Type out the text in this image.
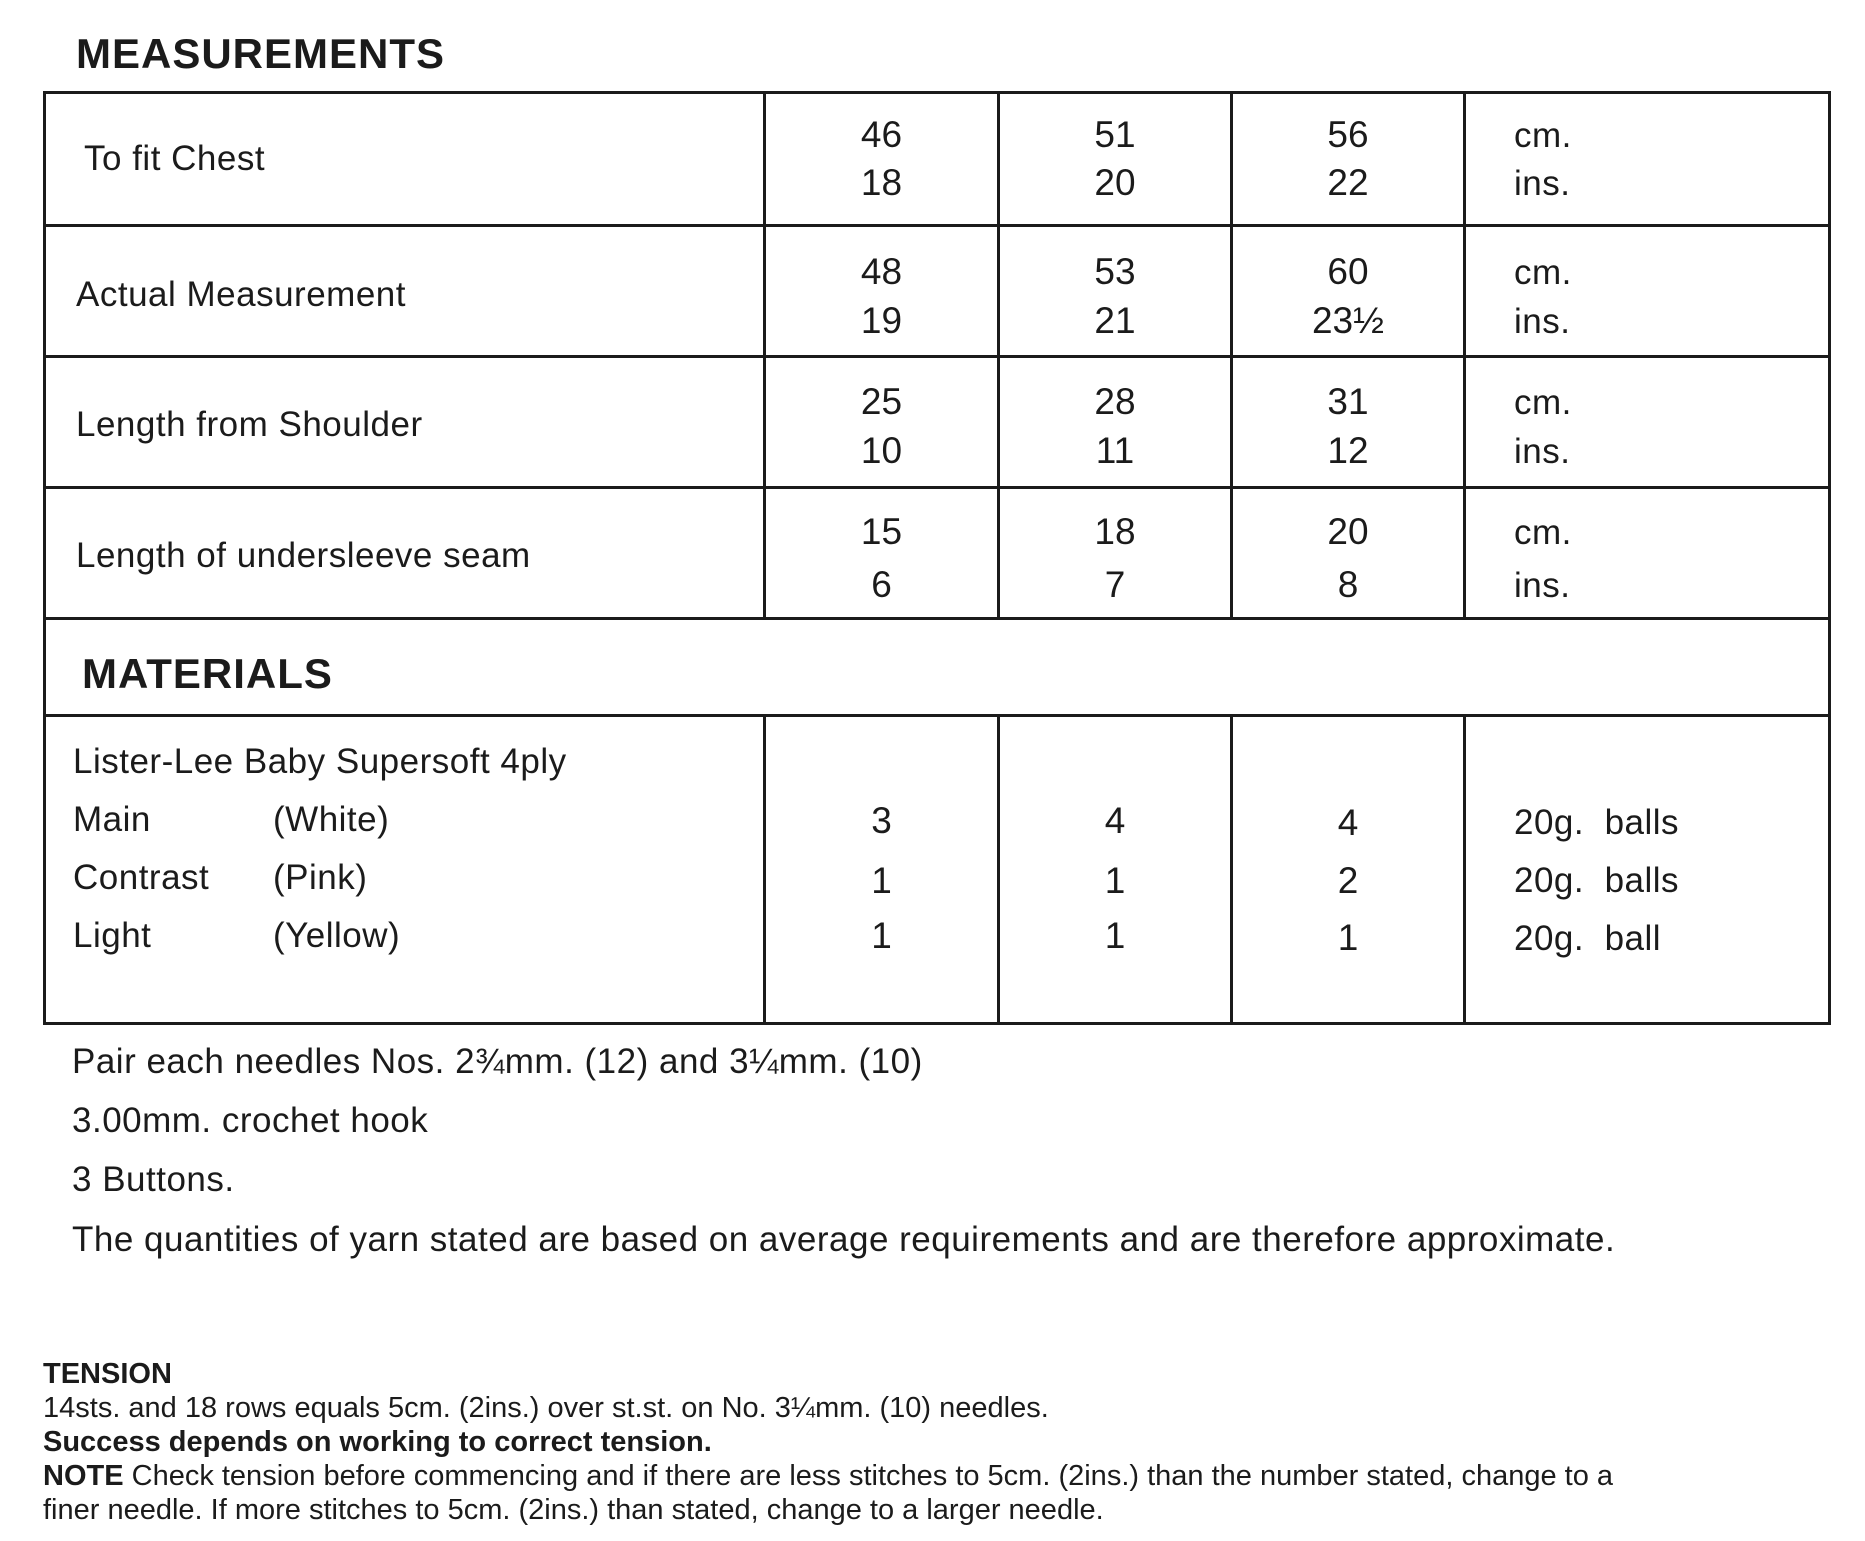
MEASUREMENTS
To fit Chest
46
18
51
20
56
22
cm.
ins.
Actual Measurement
48
19
53
21
60
23½
cm.
ins.
Length from Shoulder
25
10
28
11
31
12
cm.
ins.
Length of undersleeve seam
15
6
18
7
20
8
cm.
ins.
MATERIALS
Lister-Lee Baby Supersoft 4ply
Main	(White)
Contrast (Pink)
Light	(Yellow)
3
1
1
4
1
1
4
2
1
20g.  balls
20g.  balls
20g.  ball
Pair each needles Nos. 2¾mm. (12) and 3¼mm. (10)
3.00mm. crochet hook
3 Buttons.
The quantities of yarn stated are based on average requirements and are therefore approximate.
TENSION
14sts. and 18 rows equals 5cm. (2ins.) over st.st. on No. 3¼mm. (10) needles.
Success depends on working to correct tension.
NOTE Check tension before commencing and if there are less stitches to 5cm. (2ins.) than the number stated, change to a
finer needle. If more stitches to 5cm. (2ins.) than stated, change to a larger needle.
